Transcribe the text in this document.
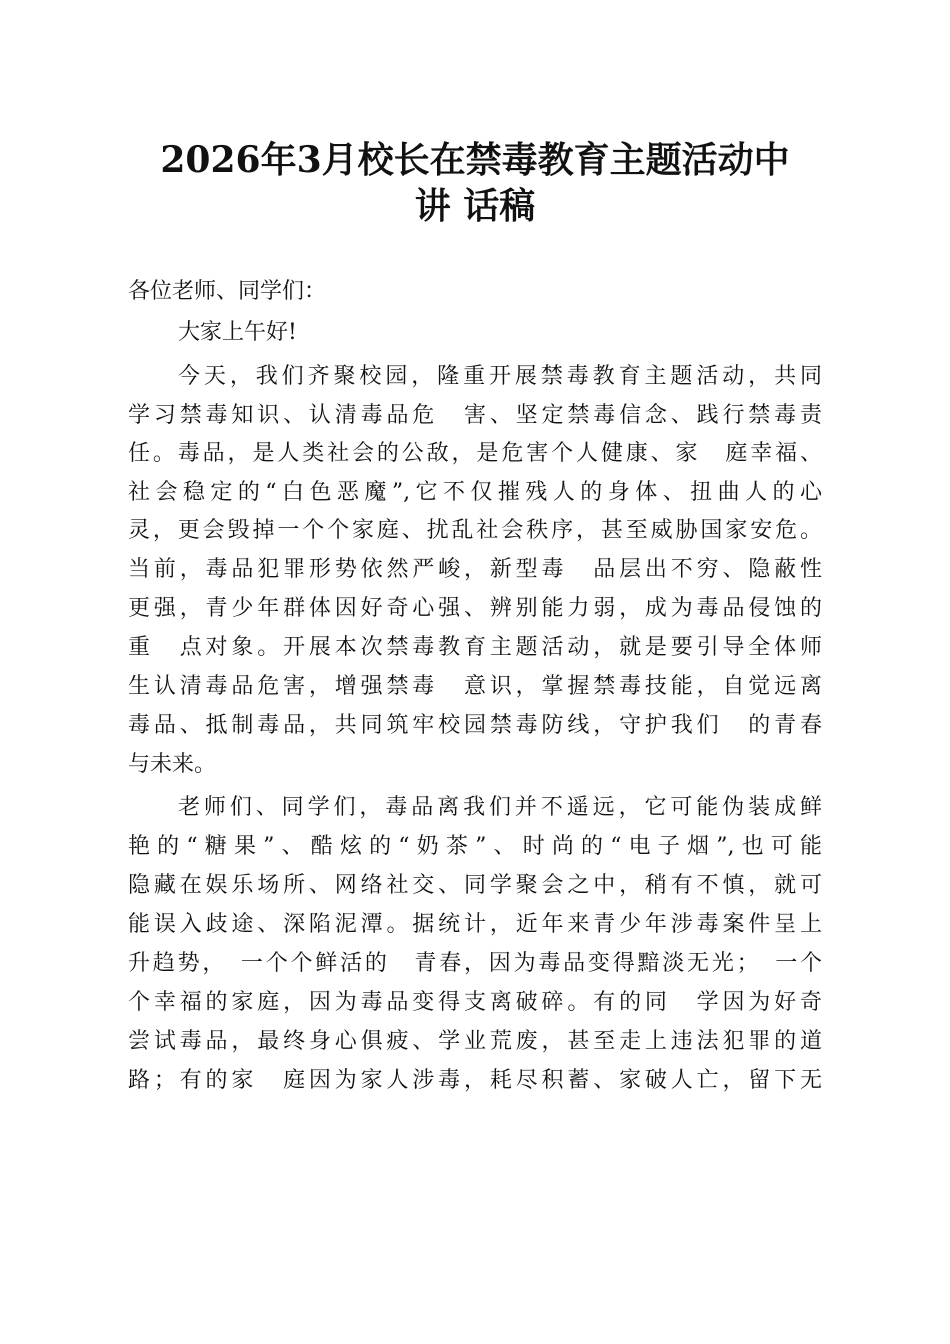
2026年3月校长在禁毒教育主题活动中
讲 话稿

各位老师、同学们：

大家上午好!

今天，我们齐聚校园，隆重开展禁毒教育主题活动，共同

学习禁毒知识、认清毒品危　害、坚定禁毒信念、践行禁毒责

任。毒品，是人类社会的公敌，是危害个人健康、家　庭幸福、

社会稳定的“白色恶魔”,它不仅摧残人的身体、扭曲人的心

灵，更会毁掉一个个家庭、扰乱社会秩序，甚至威胁国家安危。

当前，毒品犯罪形势依然严峻，新型毒　品层出不穷、隐蔽性

更强，青少年群体因好奇心强、辨别能力弱，成为毒品侵蚀的

重　点对象。开展本次禁毒教育主题活动，就是要引导全体师

生认清毒品危害，增强禁毒　意识，掌握禁毒技能，自觉远离

毒品、抵制毒品，共同筑牢校园禁毒防线，守护我们　的青春

与未来。

老师们、同学们，毒品离我们并不遥远，它可能伪装成鲜

艳的“糖果”、酷炫的“奶茶”、时尚的“电子烟”,也可能

隐藏在娱乐场所、网络社交、同学聚会之中，稍有不慎，就可

能误入歧途、深陷泥潭。据统计，近年来青少年涉毒案件呈上

升趋势，　一个个鲜活的　青春，因为毒品变得黯淡无光；　一个

个幸福的家庭，因为毒品变得支离破碎。有的同　学因为好奇

尝试毒品，最终身心俱疲、学业荒废，甚至走上违法犯罪的道

路；有的家　庭因为家人涉毒，耗尽积蓄、家破人亡，留下无
